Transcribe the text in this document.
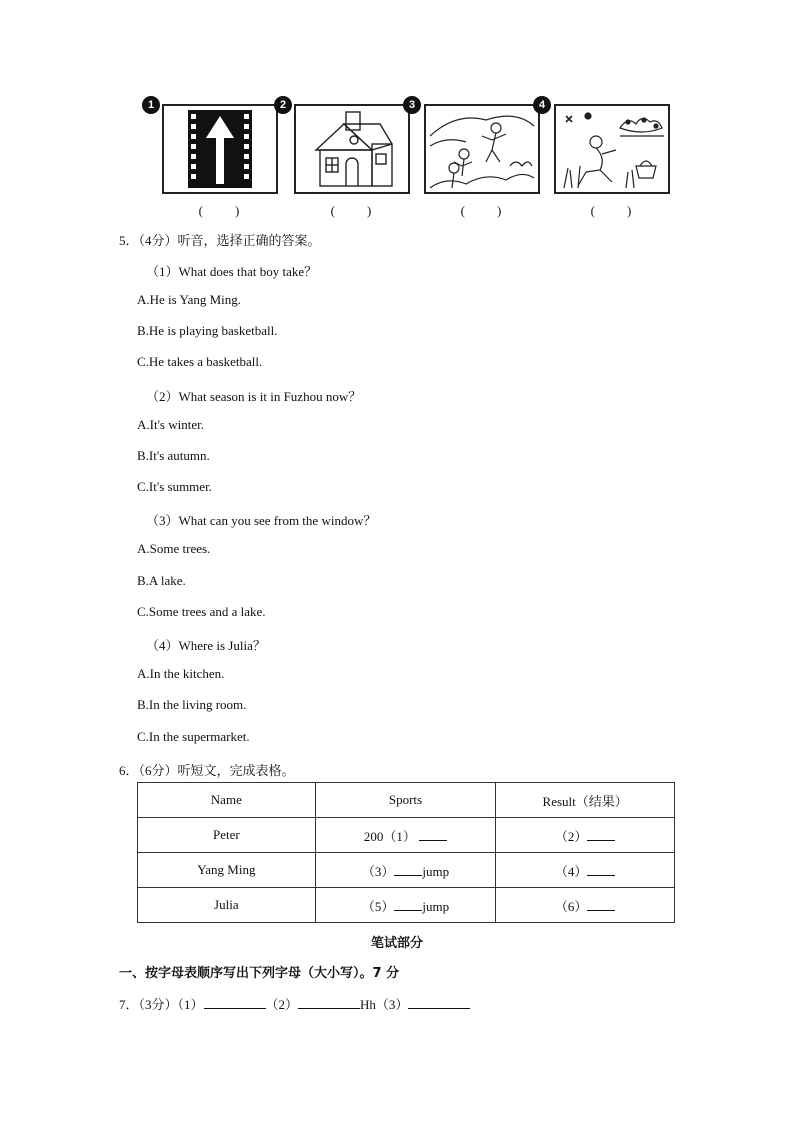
1
(　　)
2
(　　)
3
(　　)
4
(　　)
5．（4分）听音，选择正确的答案。
（1）What does that boy take？
A.He is Yang Ming.
B.He is playing basketball.
C.He takes a basketball.
（2）What season is it in Fuzhou now？
A.It's winter.
B.It's autumn.
C.It's summer.
（3）What can you see from the window？
A.Some trees.
B.A lake.
C.Some trees and a lake.
（4）Where is Julia？
A.In the kitchen.
B.In the living room.
C.In the supermarket.
6．（6分）听短文，完成表格。
Name	Sports	Result（结果）
Peter	200（1）	（2）
Yang Ming	（3） jump	（4）
Julia	（5） jump	（6）
笔试部分
一、按字母表顺序写出下列字母（大小写）。7 分
7．（3分）（1）	（2）	Hh（3）
